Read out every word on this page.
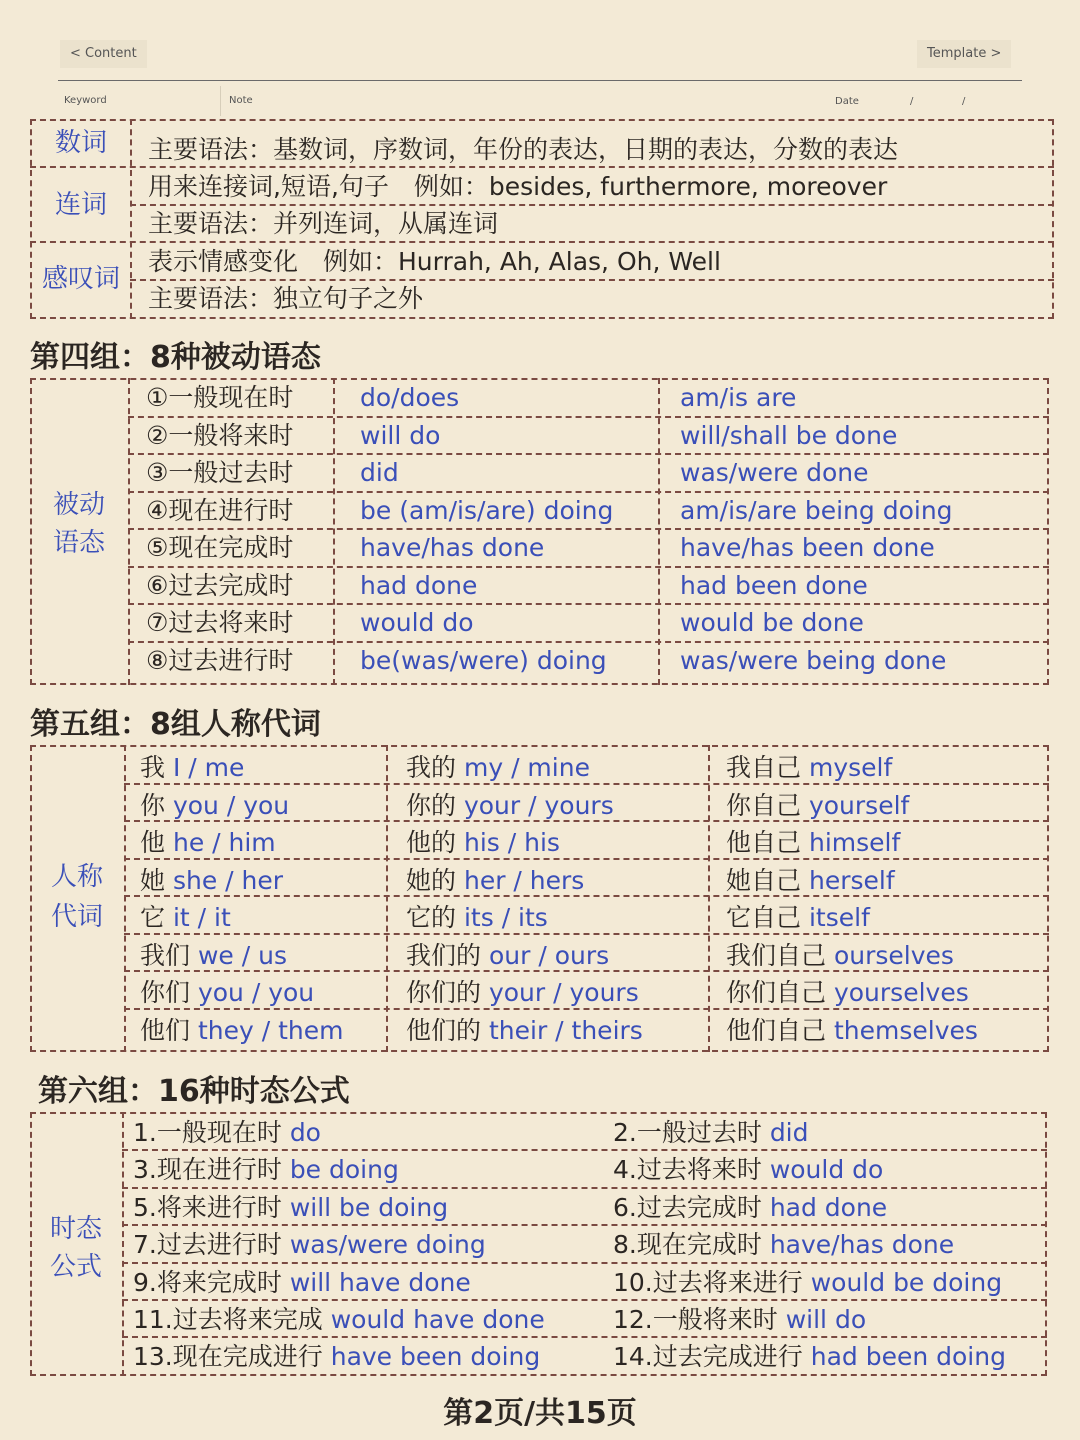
< Content	Template >
Keyword	Note	Date	/	/
数词	主要语法：基数词，序数词，年份的表达，日期的表达，分数的表达
连词
用来连接词,短语,句子　例如：besides, furthermore, moreover
主要语法：并列连词，从属连词
感叹词
表示情感变化　例如：Hurrah, Ah, Alas, Oh, Well
主要语法：独立句子之外
第四组：8种被动语态
①一般现在时	do/does	am/is are
②一般将来时	will do	will/shall be done
③一般过去时	did	was/were done
④现在进行时	be (am/is/are) doing	am/is/are being doing
⑤现在完成时	have/has done	have/has been done
⑥过去完成时	had done	had been done
⑦过去将来时	would do	would be done
⑧过去进行时	be(was/were) doing	was/were being done
被动
语态
第五组：8组人称代词
我 I / me	我的 my / mine	我自己 myself
你 you / you	你的 your / yours	你自己 yourself
他 he / him	他的 his / his	他自己 himself
她 she / her	她的 her / hers	她自己 herself
它 it / it	它的 its / its	它自己 itself
我们 we / us	我们的 our / ours	我们自己 ourselves
你们 you / you	你们的 your / yours	你们自己 yourselves
他们 they / them	他们的 their / theirs	他们自己 themselves
人称
代词
第六组：16种时态公式
1.一般现在时 do	2.一般过去时 did
3.现在进行时 be doing	4.过去将来时 would do
5.将来进行时 will be doing	6.过去完成时 had done
7.过去进行时 was/were doing	8.现在完成时 have/has done
9.将来完成时 will have done	10.过去将来进行 would be doing
11.过去将来完成 would have done	12.一般将来时 will do
13.现在完成进行 have been doing	14.过去完成进行 had been doing
时态
公式
第2页/共15页
